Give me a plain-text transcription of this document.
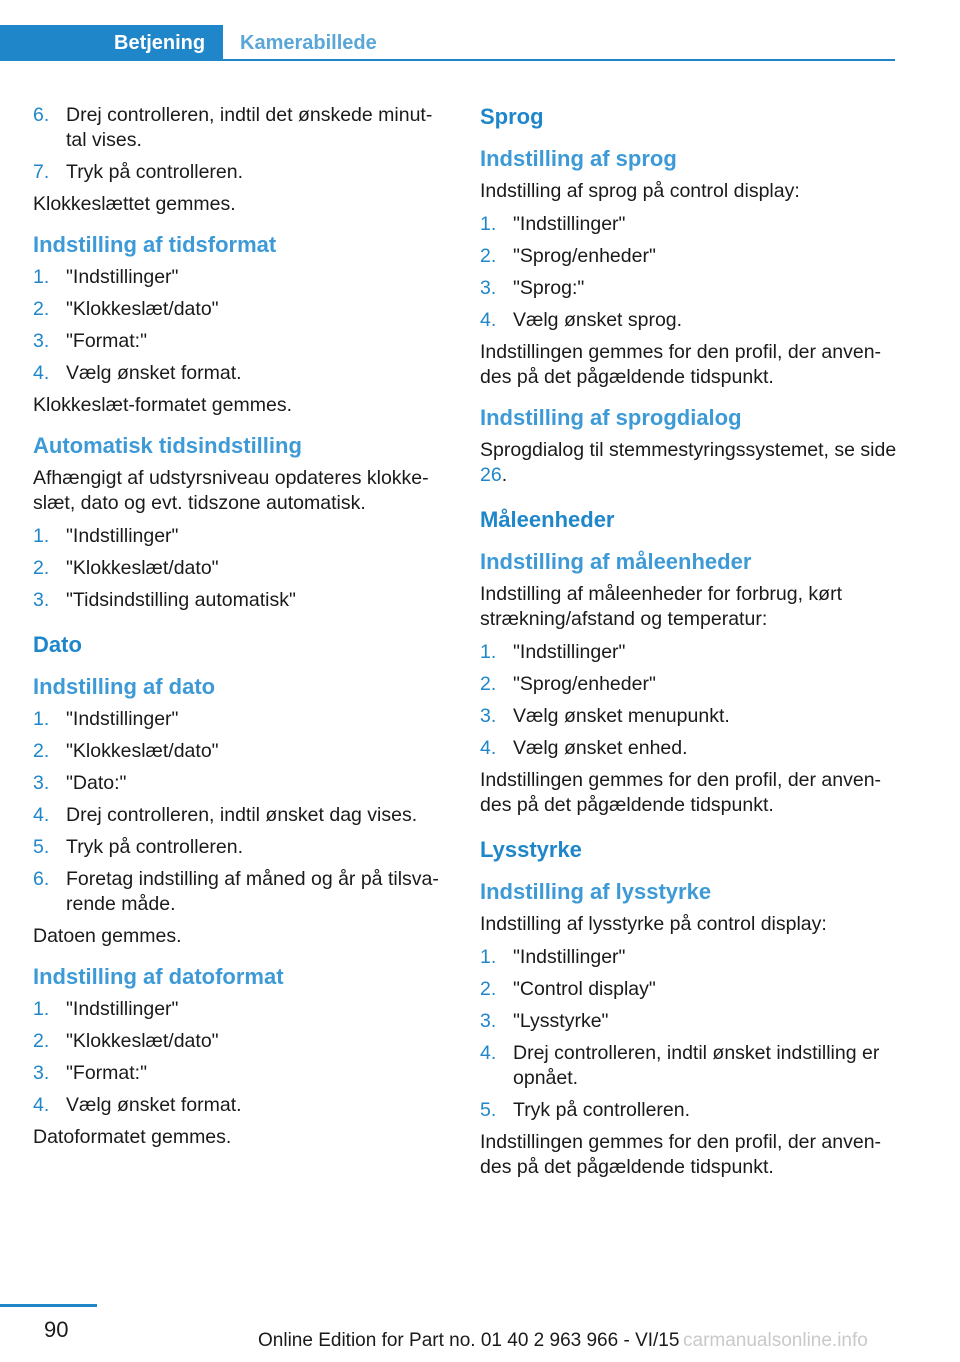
Betjening	Kamerabillede
6. Drej controlleren, indtil det ønskede minut‐tal vises.
7. Tryk på controlleren.

Klokkeslættet gemmes.

Indstilling af tidsformat
1. "Indstillinger"
2. "Klokkeslæt/dato"
3. "Format:"
4. Vælg ønsket format.

Klokkeslæt-formatet gemmes.

Automatisk tidsindstilling

Afhængigt af udstyrsniveau opdateres klokke‐slæt, dato og evt. tidszone automatisk.

1. "Indstillinger"
2. "Klokkeslæt/dato"
3. "Tidsindstilling automatisk"
Dato
Indstilling af dato
1. "Indstillinger"
2. "Klokkeslæt/dato"
3. "Dato:"
4. Drej controlleren, indtil ønsket dag vises.
5. Tryk på controlleren.
6. Foretag indstilling af måned og år på tilsva‐rende måde.

Datoen gemmes.

Indstilling af datoformat
1. "Indstillinger"
2. "Klokkeslæt/dato"
3. "Format:"
4. Vælg ønsket format.

Datoformatet gemmes.

Sprog
Indstilling af sprog

Indstilling af sprog på control display:

1. "Indstillinger"
2. "Sprog/enheder"
3. "Sprog:"
4. Vælg ønsket sprog.

Indstillingen gemmes for den profil, der anven‐des på det pågældende tidspunkt.

Indstilling af sprogdialog

Sprogdialog til stemmestyringssystemet, se side 26.

Måleenheder
Indstilling af måleenheder

Indstilling af måleenheder for forbrug, kørt strækning/afstand og temperatur:

1. "Indstillinger"
2. "Sprog/enheder"
3. Vælg ønsket menupunkt.
4. Vælg ønsket enhed.

Indstillingen gemmes for den profil, der anven‐des på det pågældende tidspunkt.

Lysstyrke
Indstilling af lysstyrke

Indstilling af lysstyrke på control display:

1. "Indstillinger"
2. "Control display"
3. "Lysstyrke"
4. Drej controlleren, indtil ønsket indstilling er opnået.
5. Tryk på controlleren.

Indstillingen gemmes for den profil, der anven‐des på det pågældende tidspunkt.

90	Online Edition for Part no. 01 40 2 963 966 - VI/15 carmanualsonline.info
